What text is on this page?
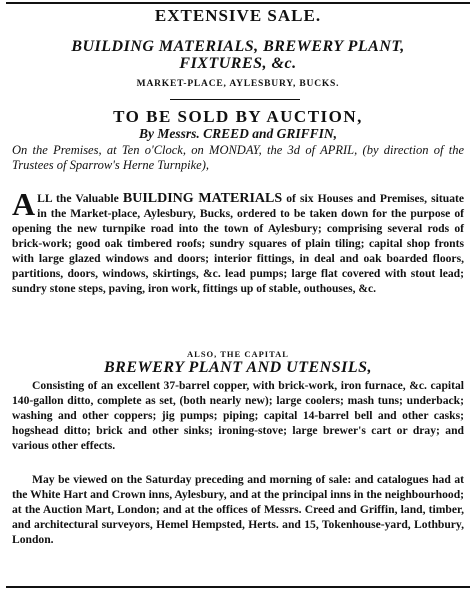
EXTENSIVE SALE.
BUILDING MATERIALS, BREWERY PLANT,
FIXTURES, &c.
MARKET-PLACE, AYLESBURY, BUCKS.
TO BE SOLD BY AUCTION,
By Messrs. CREED and GRIFFIN,
On the Premises, at Ten o'Clock, on MONDAY, the 3d of APRIL, (by direction of the Trustees of Sparrow's Herne Turnpike),
ALL the Valuable BUILDING MATERIALS of six Houses and Premises, situate in the Market-place, Aylesbury, Bucks, ordered to be taken down for the purpose of opening the new turnpike road into the town of Aylesbury; comprising several rods of brick-work; good oak timbered roofs; sundry squares of plain tiling; capital shop fronts with large glazed windows and doors; interior fittings, in deal and oak boarded floors, partitions, doors, windows, skirtings, &c. lead pumps; large flat covered with stout lead; sundry stone steps, paving, iron work, fittings up of stable, outhouses, &c.
ALSO, THE CAPITAL
BREWERY PLANT AND UTENSILS,
Consisting of an excellent 37-barrel copper, with brick-work, iron furnace, &c. capital 140-gallon ditto, complete as set, (both nearly new); large coolers; mash tuns; underback; washing and other coppers; jig pumps; piping; capital 14-barrel bell and other casks; hogshead ditto; brick and other sinks; ironing-stove; large brewer's cart or dray; and various other effects.
May be viewed on the Saturday preceding and morning of sale: and catalogues had at the White Hart and Crown inns, Aylesbury, and at the principal inns in the neighbourhood; at the Auction Mart, London; and at the offices of Messrs. Creed and Griffin, land, timber, and architectural surveyors, Hemel Hempsted, Herts. and 15, Tokenhouse-yard, Lothbury, London.
